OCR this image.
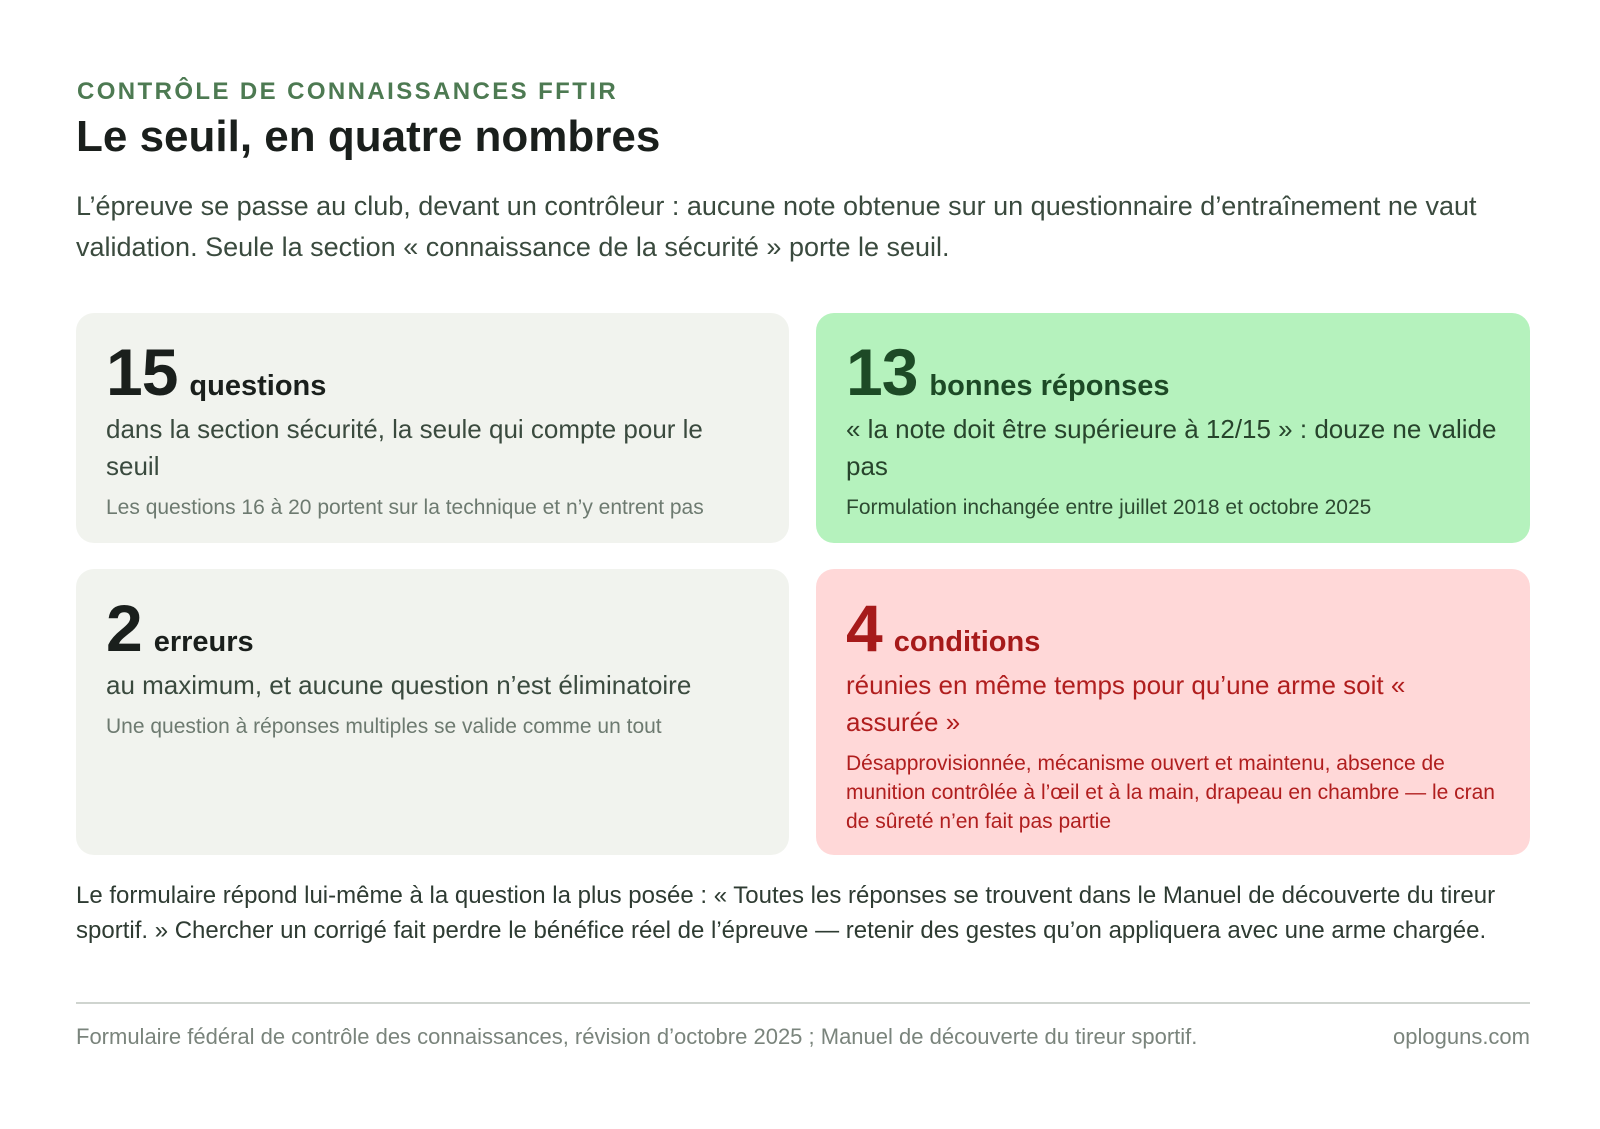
CONTRÔLE DE CONNAISSANCES FFTIR
Le seuil, en quatre nombres
L’épreuve se passe au club, devant un contrôleur : aucune note obtenue sur un questionnaire d’entraînement ne vaut validation. Seule la section « connaissance de la sécurité » porte le seuil.
15 questions
dans la section sécurité, la seule qui compte pour le seuil
Les questions 16 à 20 portent sur la technique et n’y entrent pas
13 bonnes réponses
« la note doit être supérieure à 12/15 » : douze ne valide pas
Formulation inchangée entre juillet 2018 et octobre 2025
2 erreurs
au maximum, et aucune question n’est éliminatoire
Une question à réponses multiples se valide comme un tout
4 conditions
réunies en même temps pour qu’une arme soit « assurée »
Désapprovisionnée, mécanisme ouvert et maintenu, absence de munition contrôlée à l’œil et à la main, drapeau en chambre — le cran de sûreté n’en fait pas partie
Le formulaire répond lui-même à la question la plus posée : « Toutes les réponses se trouvent dans le Manuel de découverte du tireur sportif. » Chercher un corrigé fait perdre le bénéfice réel de l’épreuve — retenir des gestes qu’on appliquera avec une arme chargée.
Formulaire fédéral de contrôle des connaissances, révision d’octobre 2025 ; Manuel de découverte du tireur sportif.	oploguns.com
